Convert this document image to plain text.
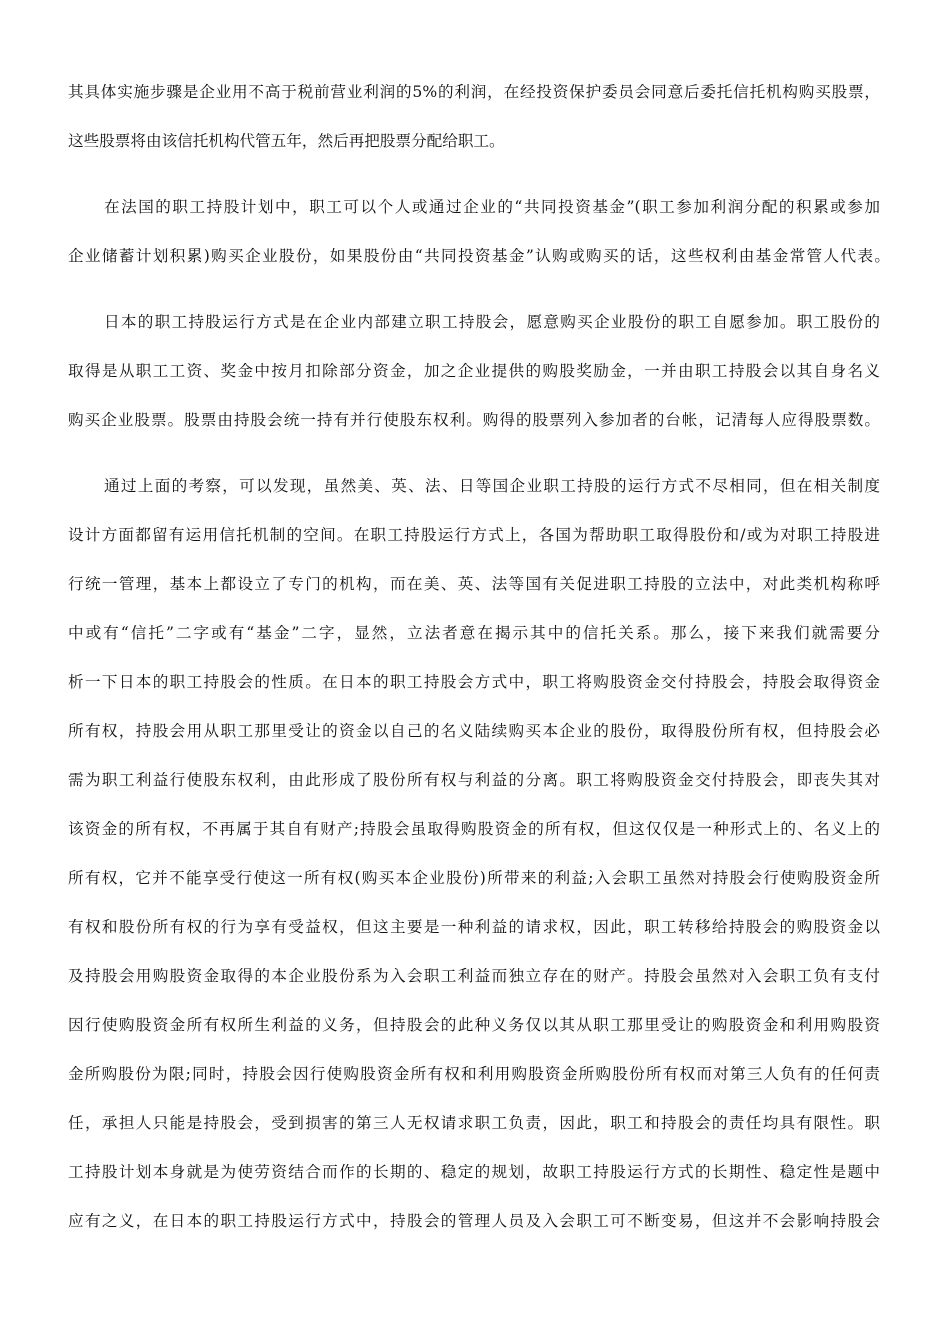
其具体实施步骤是企业用不高于税前营业利润的5%的利润，在经投资保护委员会同意后委托信托机构购买股票，
这些股票将由该信托机构代管五年，然后再把股票分配给职工。
在法国的职工持股计划中，职工可以个人或通过企业的“共同投资基金”(职工参加利润分配的积累或参加
企业储蓄计划积累)购买企业股份，如果股份由“共同投资基金”认购或购买的话，这些权利由基金常管人代表。
日本的职工持股运行方式是在企业内部建立职工持股会，愿意购买企业股份的职工自愿参加。职工股份的
取得是从职工工资、奖金中按月扣除部分资金，加之企业提供的购股奖励金，一并由职工持股会以其自身名义
购买企业股票。股票由持股会统一持有并行使股东权利。购得的股票列入参加者的台帐，记清每人应得股票数。
通过上面的考察，可以发现，虽然美、英、法、日等国企业职工持股的运行方式不尽相同，但在相关制度
设计方面都留有运用信托机制的空间。在职工持股运行方式上，各国为帮助职工取得股份和/或为对职工持股进
行统一管理，基本上都设立了专门的机构，而在美、英、法等国有关促进职工持股的立法中，对此类机构称呼
中或有“信托”二字或有“基金”二字，显然，立法者意在揭示其中的信托关系。那么，接下来我们就需要分
析一下日本的职工持股会的性质。在日本的职工持股会方式中，职工将购股资金交付持股会，持股会取得资金
所有权，持股会用从职工那里受让的资金以自己的名义陆续购买本企业的股份，取得股份所有权，但持股会必
需为职工利益行使股东权利，由此形成了股份所有权与利益的分离。职工将购股资金交付持股会，即丧失其对
该资金的所有权，不再属于其自有财产;持股会虽取得购股资金的所有权，但这仅仅是一种形式上的、名义上的
所有权，它并不能享受行使这一所有权(购买本企业股份)所带来的利益;入会职工虽然对持股会行使购股资金所
有权和股份所有权的行为享有受益权，但这主要是一种利益的请求权，因此，职工转移给持股会的购股资金以
及持股会用购股资金取得的本企业股份系为入会职工利益而独立存在的财产。持股会虽然对入会职工负有支付
因行使购股资金所有权所生利益的义务，但持股会的此种义务仅以其从职工那里受让的购股资金和利用购股资
金所购股份为限;同时，持股会因行使购股资金所有权和利用购股资金所购股份所有权而对第三人负有的任何责
任，承担人只能是持股会，受到损害的第三人无权请求职工负责，因此，职工和持股会的责任均具有限性。职
工持股计划本身就是为使劳资结合而作的长期的、稳定的规划，故职工持股运行方式的长期性、稳定性是题中
应有之义，在日本的职工持股运行方式中，持股会的管理人员及入会职工可不断变易，但这并不会影响持股会
